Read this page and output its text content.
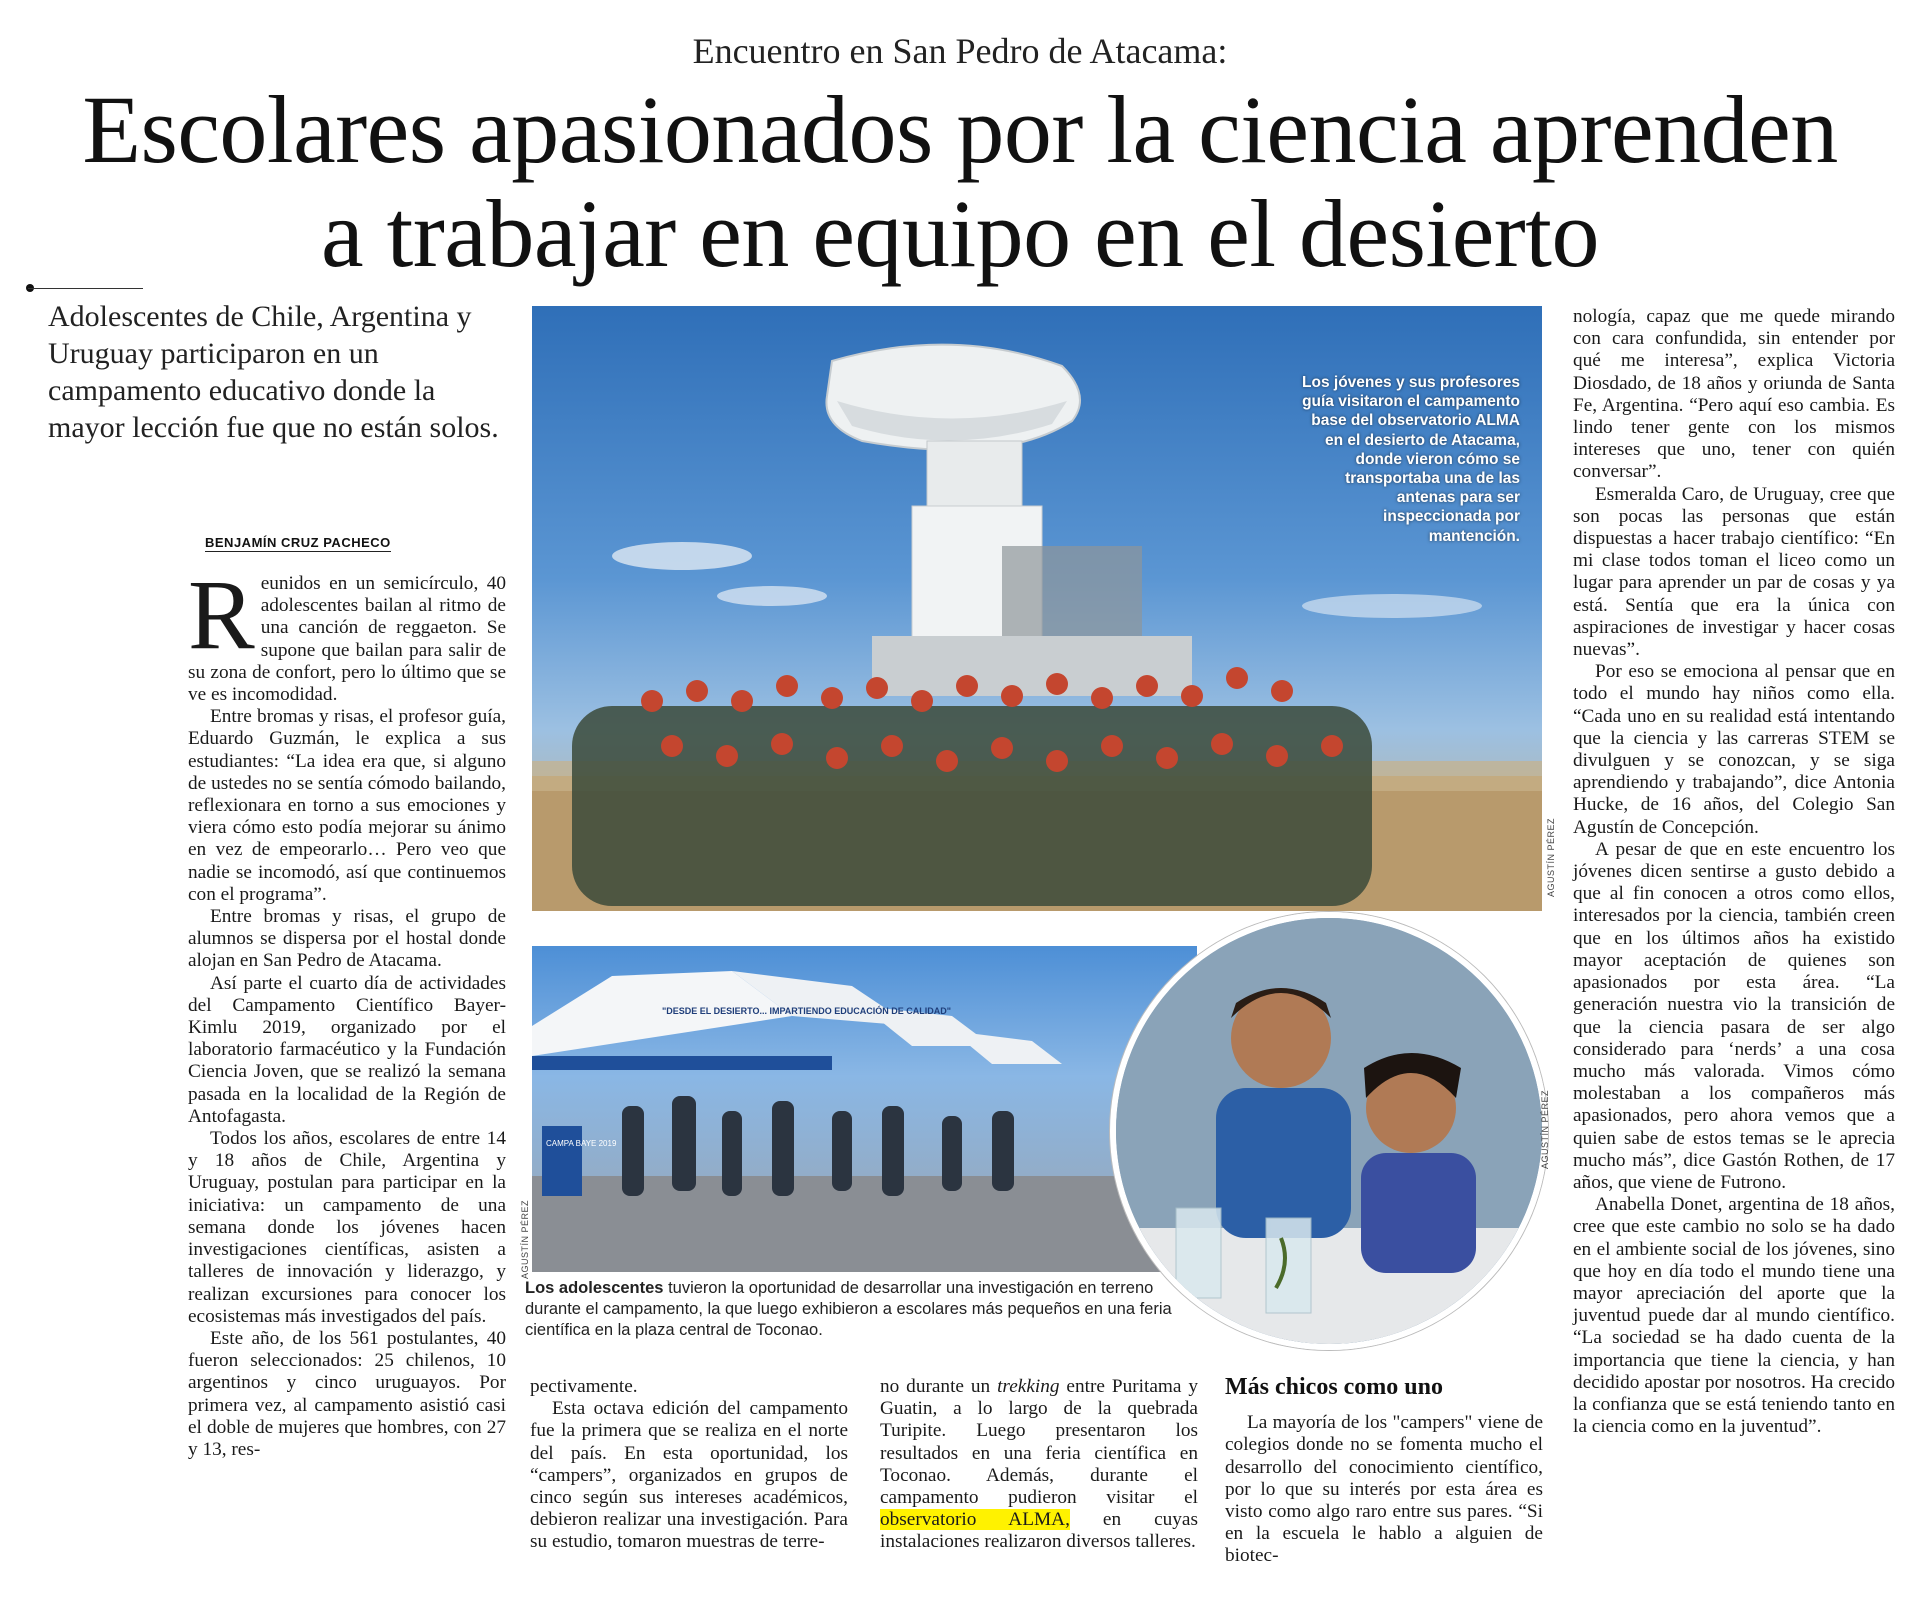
Encuentro en San Pedro de Atacama:
Escolares apasionados por la ciencia aprenden
a trabajar en equipo en el desierto
Adolescentes de Chile, Argentina y Uruguay participaron en un campamento educativo donde la mayor lección fue que no están solos.
BENJAMÍN CRUZ PACHECO
Los jóvenes y sus profesores guía visitaron el campamento base del observatorio ALMA en el desierto de Atacama, donde vieron cómo se transportaba una de las antenas para ser inspeccionada por mantención.
AGUSTÍN PÉREZ
"DESDE EL DESIERTO... IMPARTIENDO EDUCACIÓN DE CALIDAD"
CAMPA BAYE 2019
AGUSTÍN PÉREZ
AGUSTÍN PÉREZ
Los adolescentes tuvieron la oportunidad de desarrollar una investigación en terreno durante el campamento, la que luego exhibieron a escolares más pequeños en una feria científica en la plaza central de Toconao.

Reunidos en un semicírculo, 40 adolescentes bailan al ritmo de una canción de reggaeton. Se supone que bailan para salir de su zona de confort, pero lo último que se ve es incomodidad.

Entre bromas y risas, el profesor guía, Eduardo Guzmán, le explica a sus estudiantes: “La idea era que, si alguno de ustedes no se sentía cómodo bailando, reflexionara en torno a sus emociones y viera cómo esto podía mejorar su ánimo en vez de empeorarlo… Pero veo que nadie se incomodó, así que continuemos con el programa”.

Entre bromas y risas, el grupo de alumnos se dispersa por el hostal donde alojan en San Pedro de Atacama.

Así parte el cuarto día de actividades del Campamento Científico Bayer-Kimlu 2019, organizado por el laboratorio farmacéutico y la Fundación Ciencia Joven, que se realizó la semana pasada en la localidad de la Región de Antofagasta.

Todos los años, escolares de entre 14 y 18 años de Chile, Argentina y Uruguay, postulan para participar en la iniciativa: un campamento de una semana donde los jóvenes hacen investigaciones científicas, asisten a talleres de innovación y liderazgo, y realizan excursiones para conocer los ecosistemas más investigados del país.

Este año, de los 561 postulantes, 40 fueron seleccionados: 25 chilenos, 10 argentinos y cinco uruguayos. Por primera vez, al campamento asistió casi el doble de mujeres que hombres, con 27 y 13, res-

pectivamente.

Esta octava edición del campamento fue la primera que se realiza en el norte del país. En esta oportunidad, los “campers”, organizados en grupos de cinco según sus intereses académicos, debieron realizar una investigación. Para su estudio, tomaron muestras de terre-

no durante un trekking entre Puritama y Guatin, a lo largo de la quebrada Turipite. Luego presentaron los resultados en una feria científica en Toconao. Además, durante el campamento pudieron visitar el observatorio ALMA, en cuyas instalaciones realizaron diversos talleres.

Más chicos como uno

La mayoría de los "campers" viene de colegios donde no se fomenta mucho el desarrollo del conocimiento científico, por lo que su interés por esta área es visto como algo raro entre sus pares. “Si en la escuela le hablo a alguien de biotec-

nología, capaz que me quede mirando con cara confundida, sin entender por qué me interesa”, explica Victoria Diosdado, de 18 años y oriunda de Santa Fe, Argentina. “Pero aquí eso cambia. Es lindo tener gente con los mismos intereses que uno, tener con quién conversar”.

Esmeralda Caro, de Uruguay, cree que son pocas las personas que están dispuestas a hacer trabajo científico: “En mi clase todos toman el liceo como un lugar para aprender un par de cosas y ya está. Sentía que era la única con aspiraciones de investigar y hacer cosas nuevas”.

Por eso se emociona al pensar que en todo el mundo hay niños como ella. “Cada uno en su realidad está intentando que la ciencia y las carreras STEM se divulguen y se conozcan, y se siga aprendiendo y trabajando”, dice Antonia Hucke, de 16 años, del Colegio San Agustín de Concepción.

A pesar de que en este encuentro los jóvenes dicen sentirse a gusto debido a que al fin conocen a otros como ellos, interesados por la ciencia, también creen que en los últimos años ha existido mayor aceptación de quienes son apasionados por esta área. “La generación nuestra vio la transición de que la ciencia pasara de ser algo considerado para ‘nerds’ a una cosa mucho más valorada. Vimos cómo molestaban a los compañeros más apasionados, pero ahora vemos que a quien sabe de estos temas se le aprecia mucho más”, dice Gastón Rothen, de 17 años, que viene de Futrono.

Anabella Donet, argentina de 18 años, cree que este cambio no solo se ha dado en el ambiente social de los jóvenes, sino que hoy en día todo el mundo tiene una mayor apreciación del aporte que la juventud puede dar al mundo científico. “La sociedad se ha dado cuenta de la importancia que tiene la ciencia, y han decidido apostar por nosotros. Ha crecido la confianza que se está teniendo tanto en la ciencia como en la juventud”.
